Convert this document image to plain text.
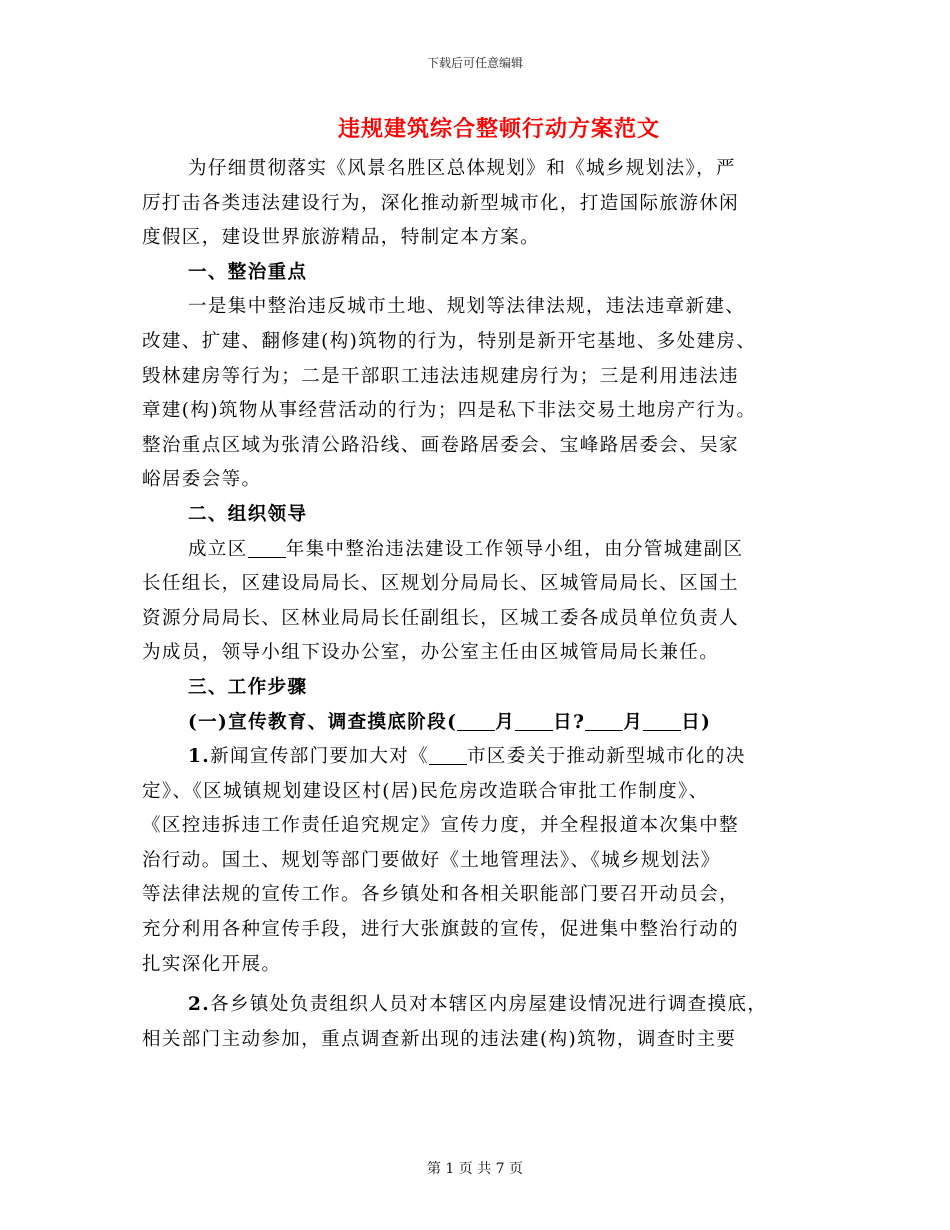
下载后可任意编辑
违规建筑综合整顿行动方案范文

为仔细贯彻落实《风景名胜区总体规划》和《城乡规划法》，严
厉打击各类违法建设行为，深化推动新型城市化，打造国际旅游休闲
度假区，建设世界旅游精品，特制定本方案。

一、整治重点
一是集中整治违反城市土地、规划等法律法规，违法违章新建、
改建、扩建、翻修建(构)筑物的行为，特别是新开宅基地、多处建房、
毁林建房等行为；二是干部职工违法违规建房行为；三是利用违法违
章建(构)筑物从事经营活动的行为；四是私下非法交易土地房产行为。
整治重点区域为张清公路沿线、画卷路居委会、宝峰路居委会、吴家
峪居委会等。

二、组织领导
成立区 年集中整治违法建设工作领导小组，由分管城建副区
长任组长，区建设局局长、区规划分局局长、区城管局局长、区国土
资源分局局长、区林业局局长任副组长，区城工委各成员单位负责人
为成员，领导小组下设办公室，办公室主任由区城管局局长兼任。

三、工作步骤
(一)宣传教育、调查摸底阶段( 月 日? 月 日)
1.新闻宣传部门要加大对《 市区委关于推动新型城市化的决
定》、《区城镇规划建设区村(居)民危房改造联合审批工作制度》、
《区控违拆违工作责任追究规定》宣传力度，并全程报道本次集中整
治行动。国土、规划等部门要做好《土地管理法》、《城乡规划法》
等法律法规的宣传工作。各乡镇处和各相关职能部门要召开动员会，
充分利用各种宣传手段，进行大张旗鼓的宣传，促进集中整治行动的
扎实深化开展。
2.各乡镇处负责组织人员对本辖区内房屋建设情况进行调查摸底，
相关部门主动参加，重点调查新出现的违法建(构)筑物，调查时主要

第 1 页 共 7 页
